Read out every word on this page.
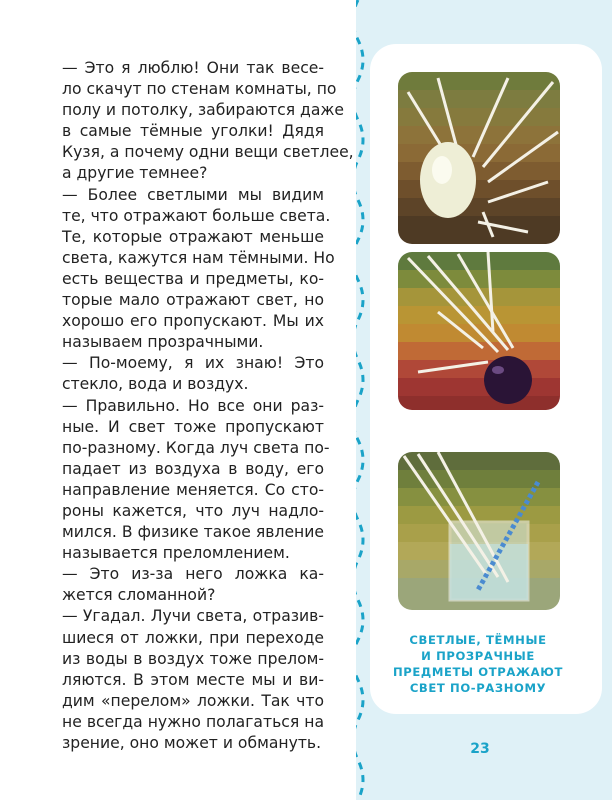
— Это я люблю! Они так весе-
ло скачут по стенам комнаты, по
полу и потолку, забираются даже
в самые тёмные уголки! Дядя
Кузя, а почему одни вещи светлее,
а другие темнее?
— Более светлыми мы видим
те, что отражают больше света.
Те, которые отражают меньше
света, кажутся нам тёмными. Но
есть вещества и предметы, ко-
торые мало отражают свет, но
хорошо его пропускают. Мы их
называем прозрачными.
— По-моему, я их знаю! Это
стекло, вода и воздух.
— Правильно. Но все они раз-
ные. И свет тоже пропускают
по-разному. Когда луч света по-
падает из воздуха в воду, его
направление меняется. Со сто-
роны кажется, что луч надло-
мился. В физике такое явление
называется преломлением.
— Это из-за него ложка ка-
жется сломанной?
— Угадал. Лучи света, отразив-
шиеся от ложки, при переходе
из воды в воздух тоже прелом-
ляются. В этом месте мы и ви-
дим «перелом» ложки. Так что
не всегда нужно полагаться на
зрение, оно может и обмануть.
СВЕТЛЫЕ, ТЁМНЫЕ
И ПРОЗРАЧНЫЕ
ПРЕДМЕТЫ ОТРАЖАЮТ
СВЕТ ПО-РАЗНОМУ
23
